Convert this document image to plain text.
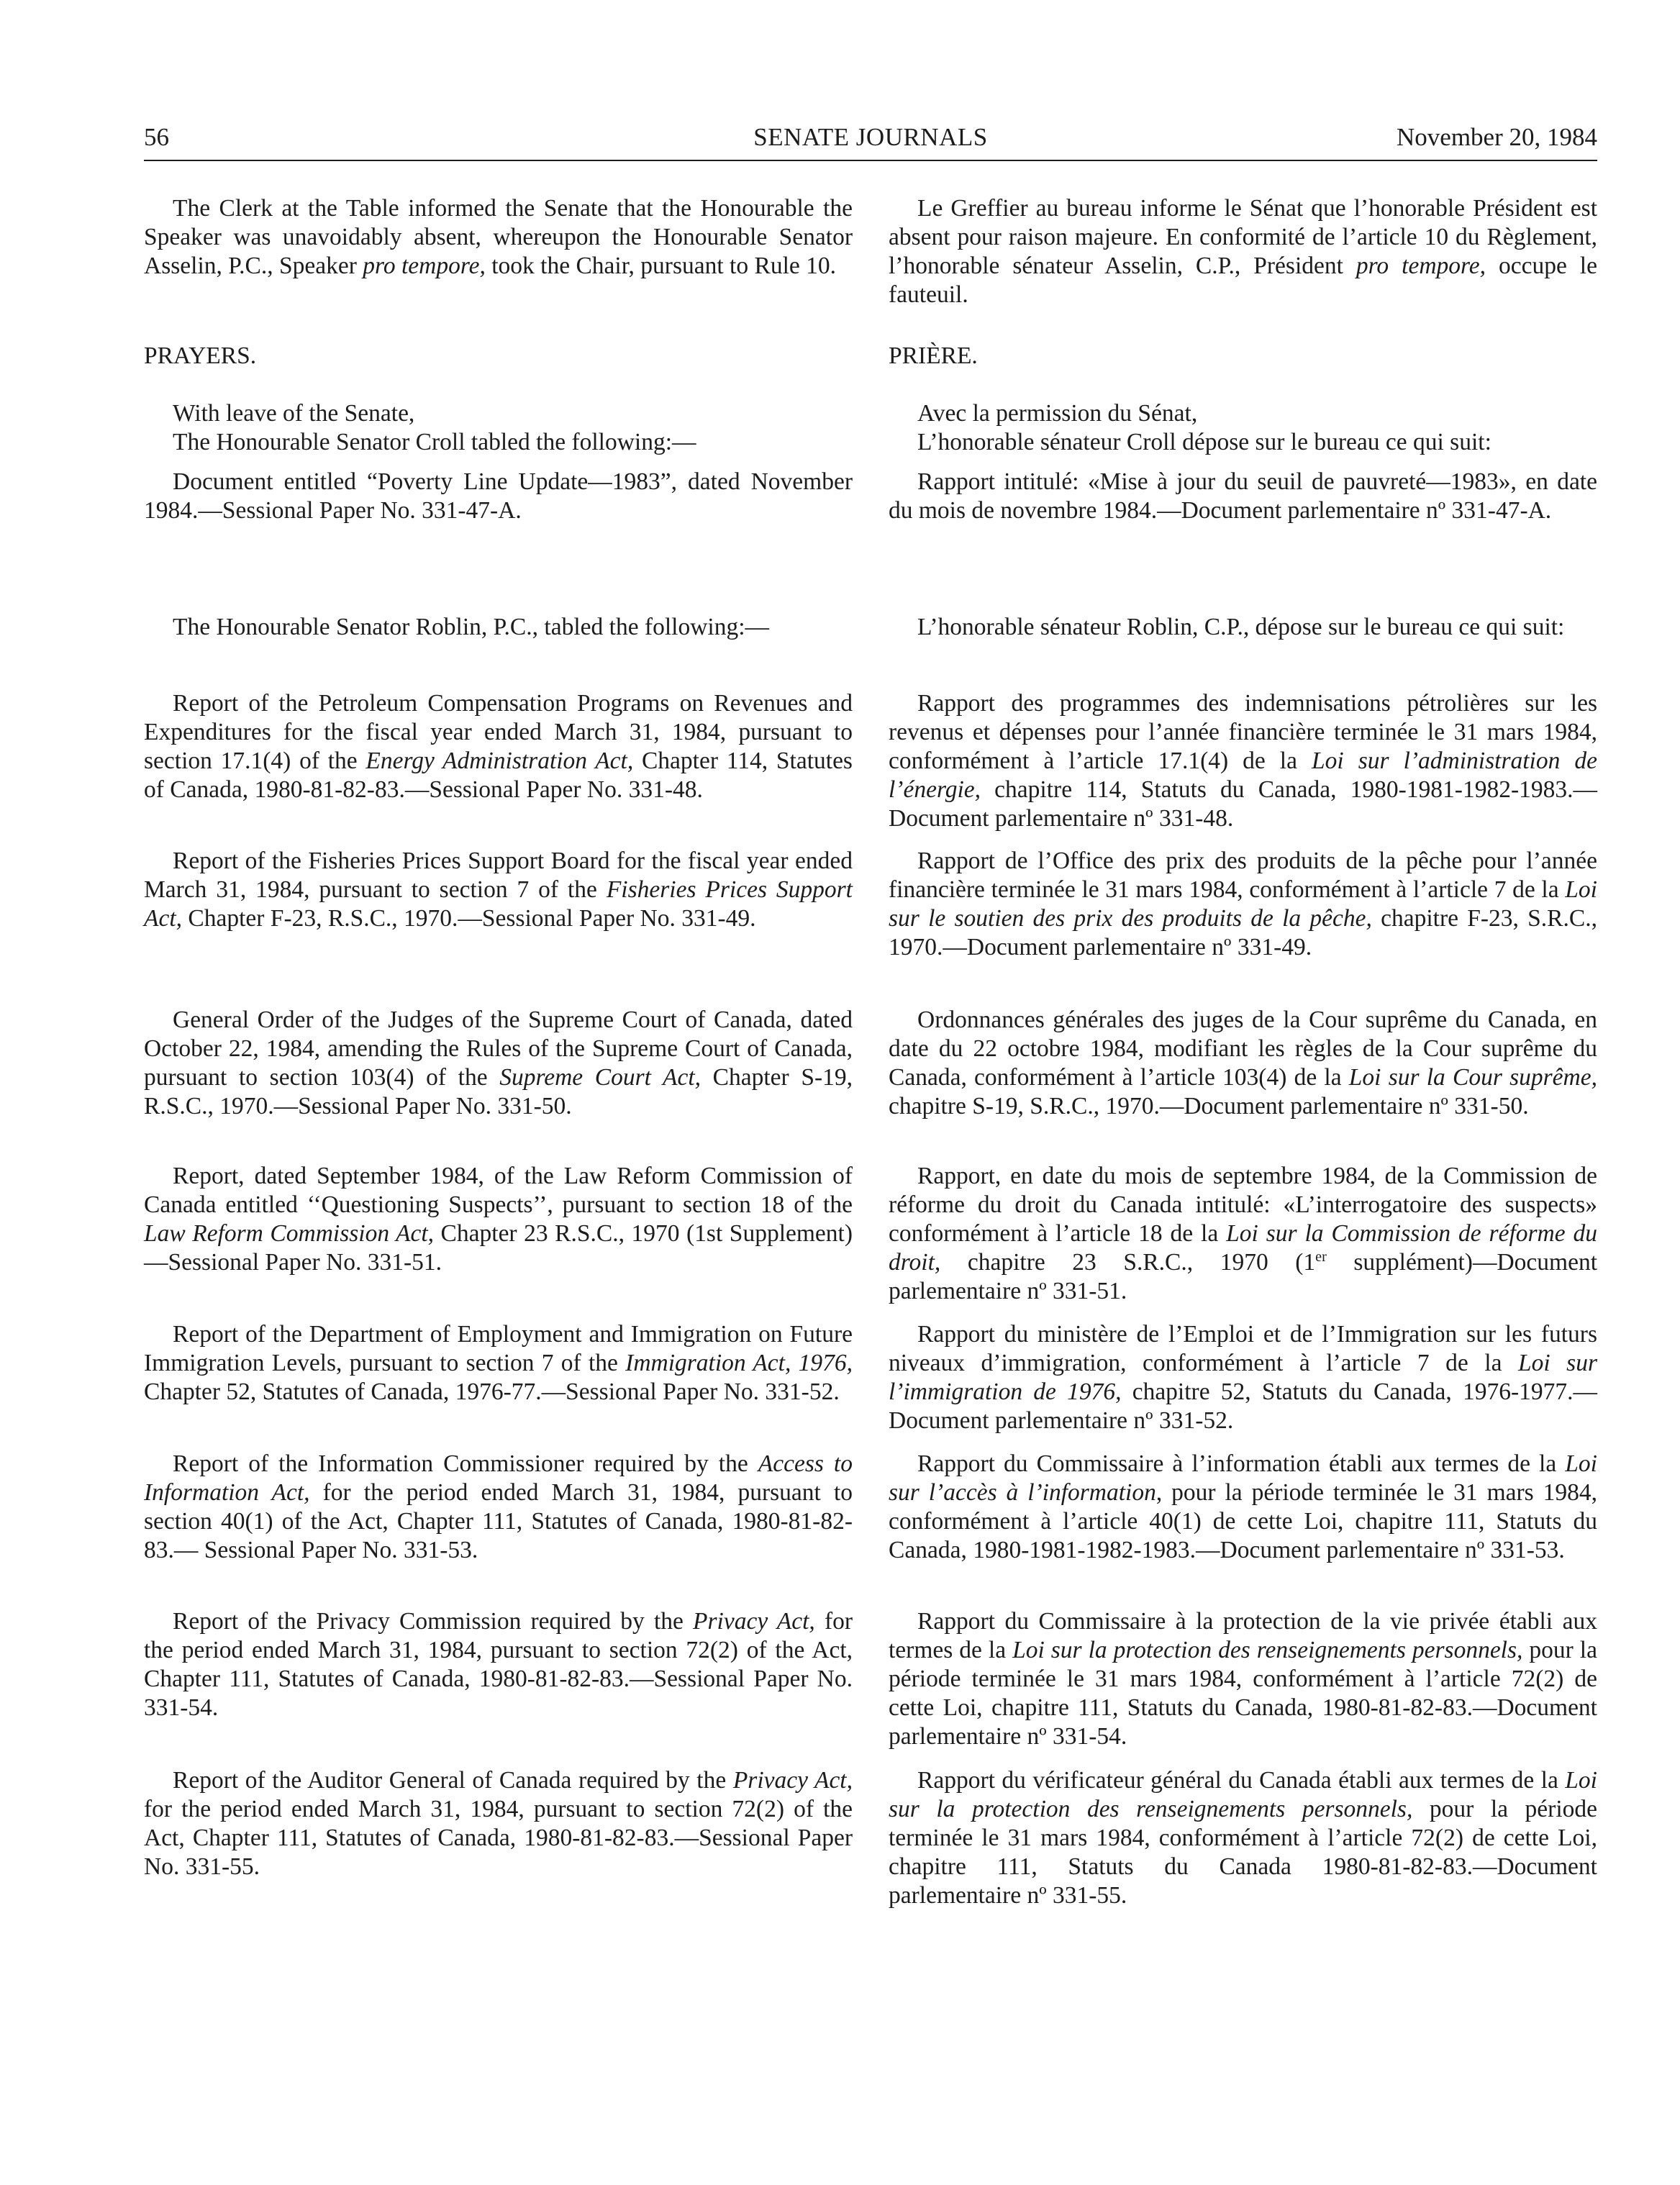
56	SENATE JOURNALS	November 20, 1984

The Clerk at the Table informed the Senate that the Honourable the Speaker was unavoidably absent, whereupon the Honourable Senator Asselin, P.C., Speaker pro tempore, took the Chair, pursuant to Rule 10.

PRAYERS.

With leave of the Senate,

The Honourable Senator Croll tabled the following:—

Document entitled “Poverty Line Update—1983”, dated November 1984.—Sessional Paper No. 331-47-A.

The Honourable Senator Roblin, P.C., tabled the following:—

Report of the Petroleum Compensation Programs on Revenues and Expenditures for the fiscal year ended March 31, 1984, pursuant to section 17.1(4) of the Energy Administration Act, Chapter 114, Statutes of Canada, 1980-81-82-83.—Sessional Paper No. 331-48.

Report of the Fisheries Prices Support Board for the fiscal year ended March 31, 1984, pursuant to section 7 of the Fisheries Prices Support Act, Chapter F-23, R.S.C., 1970.—Sessional Paper No. 331-49.

General Order of the Judges of the Supreme Court of Canada, dated October 22, 1984, amending the Rules of the Supreme Court of Canada, pursuant to section 103(4) of the Supreme Court Act, Chapter S-19, R.S.C., 1970.—Sessional Paper No. 331-50.

Report, dated September 1984, of the Law Reform Commission of Canada entitled ‘‘Questioning Suspects’’, pursuant to section 18 of the Law Reform Commission Act, Chapter 23 R.S.C., 1970 (1st Supplement)—Sessional Paper No. 331-51.

Report of the Department of Employment and Immigration on Future Immigration Levels, pursuant to section 7 of the Immigration Act, 1976, Chapter 52, Statutes of Canada, 1976-77.—Sessional Paper No. 331-52.

Report of the Information Commissioner required by the Access to Information Act, for the period ended March 31, 1984, pursuant to section 40(1) of the Act, Chapter 111, Statutes of Canada, 1980-81-82-83.— Sessional Paper No. 331-53.

Report of the Privacy Commission required by the Privacy Act, for the period ended March 31, 1984, pursuant to section 72(2) of the Act, Chapter 111, Statutes of Canada, 1980-81-82-83.—Sessional Paper No. 331-54.

Report of the Auditor General of Canada required by the Privacy Act, for the period ended March 31, 1984, pursuant to section 72(2) of the Act, Chapter 111, Statutes of Canada, 1980-81-82-83.—Sessional Paper No. 331-55.

Le Greffier au bureau informe le Sénat que l’honorable Président est absent pour raison majeure. En conformité de l’article 10 du Règlement, l’honorable sénateur Asselin, C.P., Président pro tempore, occupe le fauteuil.

PRIÈRE.

Avec la permission du Sénat,

L’honorable sénateur Croll dépose sur le bureau ce qui suit:

Rapport intitulé: «Mise à jour du seuil de pauvreté—1983», en date du mois de novembre 1984.—Document parlementaire nº 331-47-A.

L’honorable sénateur Roblin, C.P., dépose sur le bureau ce qui suit:

Rapport des programmes des indemnisations pétrolières sur les revenus et dépenses pour l’année financière terminée le 31 mars 1984, conformément à l’article 17.1(4) de la Loi sur l’administration de l’énergie, chapitre 114, Statuts du Canada, 1980-1981-1982-1983.—Document parlementaire nº 331-48.

Rapport de l’Office des prix des produits de la pêche pour l’année financière terminée le 31 mars 1984, conformément à l’article 7 de la Loi sur le soutien des prix des produits de la pêche, chapitre F-23, S.R.C., 1970.—Document parlementaire nº 331-49.

Ordonnances générales des juges de la Cour suprême du Canada, en date du 22 octobre 1984, modifiant les règles de la Cour suprême du Canada, conformément à l’article 103(4) de la Loi sur la Cour suprême, chapitre S-19, S.R.C., 1970.—Document parlementaire nº 331-50.

Rapport, en date du mois de septembre 1984, de la Commission de réforme du droit du Canada intitulé: «L’interrogatoire des suspects» conformément à l’article 18 de la Loi sur la Commission de réforme du droit, chapitre 23 S.R.C., 1970 (1er supplément)—Document parlementaire nº 331-51.

Rapport du ministère de l’Emploi et de l’Immigration sur les futurs niveaux d’immigration, conformément à l’article 7 de la Loi sur l’immigration de 1976, chapitre 52, Statuts du Canada, 1976-1977.—Document parlementaire nº 331-52.

Rapport du Commissaire à l’information établi aux termes de la Loi sur l’accès à l’information, pour la période terminée le 31 mars 1984, conformément à l’article 40(1) de cette Loi, chapitre 111, Statuts du Canada, 1980-1981-1982-1983.—Document parlementaire nº 331-53.

Rapport du Commissaire à la protection de la vie privée établi aux termes de la Loi sur la protection des renseignements personnels, pour la période terminée le 31 mars 1984, conformément à l’article 72(2) de cette Loi, chapitre 111, Statuts du Canada, 1980-81-82-83.—Document parlementaire nº 331-54.

Rapport du vérificateur général du Canada établi aux termes de la Loi sur la protection des renseignements personnels, pour la période terminée le 31 mars 1984, conformément à l’article 72(2) de cette Loi, chapitre 111, Statuts du Canada 1980-81-82-83.—Document parlementaire nº 331-55.
